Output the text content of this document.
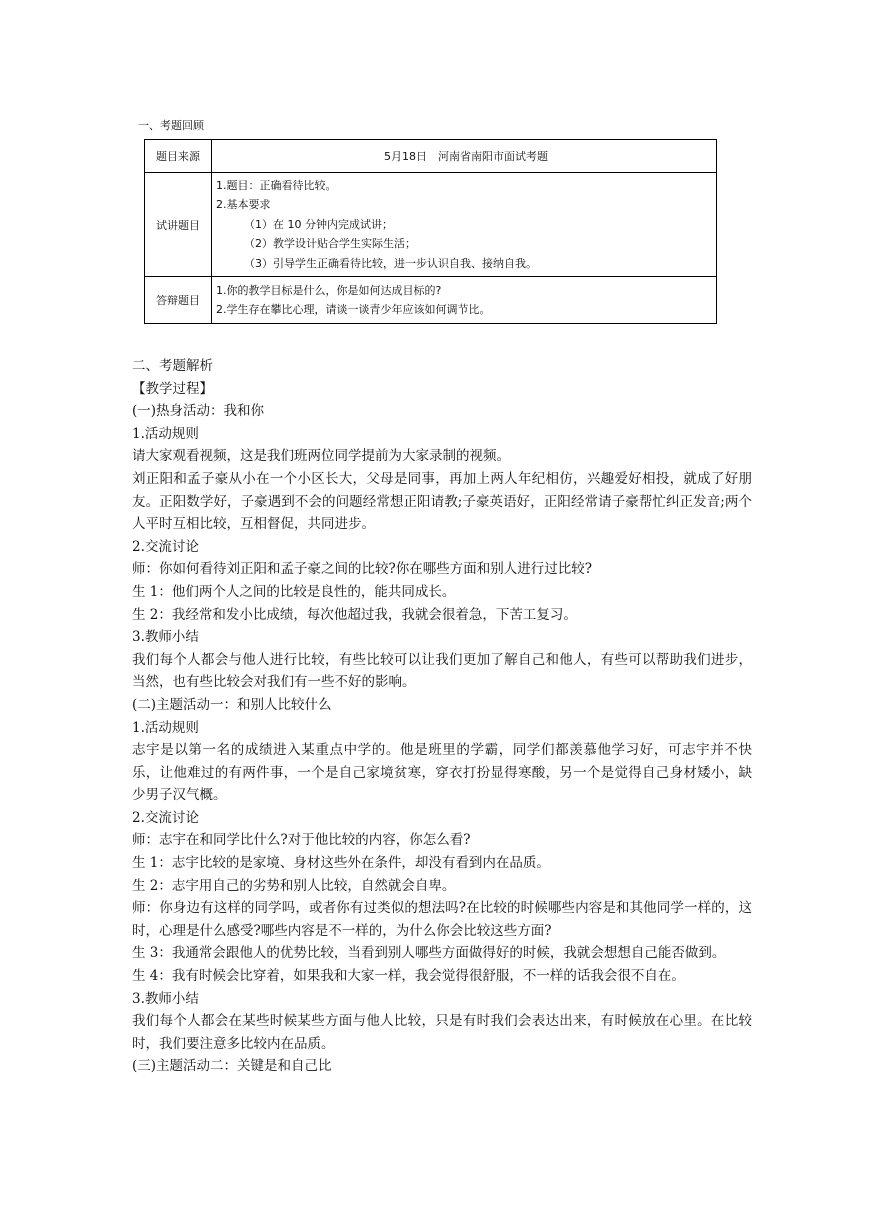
一、考题回顾
题目来源	5月18日　河南省南阳市面试考题
试讲题目	1.题目：正确看待比较。
2.基本要求
（1）在 10 分钟内完成试讲；
（2）教学设计贴合学生实际生活；
（3）引导学生正确看待比较，进一步认识自我、接纳自我。

答辩题目	1.你的教学目标是什么，你是如何达成目标的?
2.学生存在攀比心理，请谈一谈青少年应该如何调节比。

二、考题解析

【教学过程】

(一)热身活动：我和你

1.活动规则

请大家观看视频，这是我们班两位同学提前为大家录制的视频。

刘正阳和孟子豪从小在一个小区长大，父母是同事，再加上两人年纪相仿，兴趣爱好相投，就成了好朋友。正阳数学好，子豪遇到不会的问题经常想正阳请教;子豪英语好，正阳经常请子豪帮忙纠正发音;两个人平时互相比较，互相督促，共同进步。

2.交流讨论

师：你如何看待刘正阳和孟子豪之间的比较?你在哪些方面和别人进行过比较?

生 1：他们两个人之间的比较是良性的，能共同成长。

生 2：我经常和发小比成绩，每次他超过我，我就会很着急，下苦工复习。

3.教师小结

我们每个人都会与他人进行比较，有些比较可以让我们更加了解自己和他人，有些可以帮助我们进步，当然，也有些比较会对我们有一些不好的影响。

(二)主题活动一：和别人比较什么

1.活动规则

志宇是以第一名的成绩进入某重点中学的。他是班里的学霸，同学们都羡慕他学习好，可志宇并不快乐，让他难过的有两件事，一个是自己家境贫寒，穿衣打扮显得寒酸，另一个是觉得自己身材矮小，缺少男子汉气概。

2.交流讨论

师：志宇在和同学比什么?对于他比较的内容，你怎么看?

生 1：志宇比较的是家境、身材这些外在条件，却没有看到内在品质。

生 2：志宇用自己的劣势和别人比较，自然就会自卑。

师：你身边有这样的同学吗，或者你有过类似的想法吗?在比较的时候哪些内容是和其他同学一样的，这时，心理是什么感受?哪些内容是不一样的，为什么你会比较这些方面?

生 3：我通常会跟他人的优势比较，当看到别人哪些方面做得好的时候，我就会想想自己能否做到。

生 4：我有时候会比穿着，如果我和大家一样，我会觉得很舒服，不一样的话我会很不自在。

3.教师小结

我们每个人都会在某些时候某些方面与他人比较，只是有时我们会表达出来，有时候放在心里。在比较时，我们要注意多比较内在品质。

(三)主题活动二：关键是和自己比
